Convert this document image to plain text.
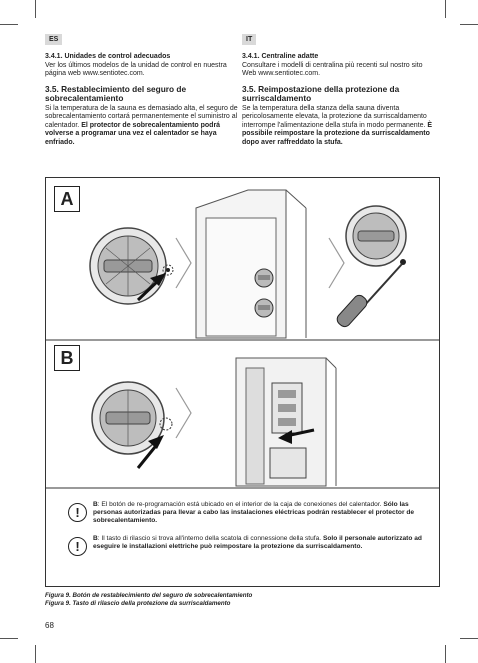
ES	IT

3.4.1. Unidades de control adecuados
Ver los últimos modelos de la unidad de control en nuestra página web www.sentiotec.com.

3.5. Restablecimiento del seguro de sobrecalentamiento

Si la temperatura de la sauna es demasiado alta, el seguro de sobrecalentamiento cortará permanentemente el suministro al calentador. El protector de sobrecalentamiento podrá volverse a programar una vez el calentador se haya enfriado.

3.4.1. Centraline adatte
Consultare i modelli di centralina più recenti sul nostro sito Web www.sentiotec.com.

3.5. Reimpostazione della protezione da surriscaldamento

Se la temperatura della stanza della sauna diventa pericolosamente elevata, la protezione da surriscaldamento interrompe l'alimentazione della stufa in modo permanente. È possibile reimpostare la protezione da surriscaldamento dopo aver raffreddato la stufa.

A
B
!
B: El botón de re-programación está ubicado en el interior de la caja de conexiones del calentador. Sólo las personas autorizadas para llevar a cabo las instalaciones eléctricas podrán restablecer el protector de sobrecalentamiento.
!
B: Il tasto di rilascio si trova all'interno della scatola di connessione della stufa. Solo il personale autorizzato ad eseguire le installazioni elettriche può reimpostare la protezione da surriscaldamento.
Figura 9. Botón de restablecimiento del seguro de sobrecalentamiento
Figura 9. Tasto di rilascio della protezione da surriscaldamento
68
